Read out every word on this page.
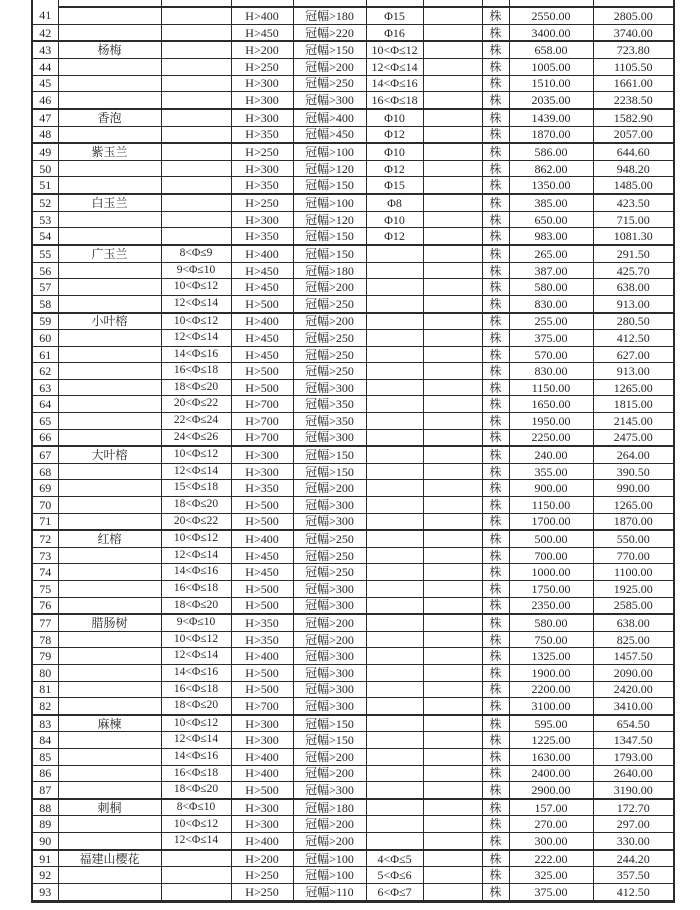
41			H>400	冠幅>180	Φ15		株	2550.00	2805.00
42			H>450	冠幅>220	Φ16		株	3400.00	3740.00
43	杨梅		H>200	冠幅>150	10<Φ≤12		株	658.00	723.80
44			H>250	冠幅>200	12<Φ≤14		株	1005.00	1105.50
45			H>300	冠幅>250	14<Φ≤16		株	1510.00	1661.00
46			H>300	冠幅>300	16<Φ≤18		株	2035.00	2238.50
47	香泡		H>300	冠幅>400	Φ10		株	1439.00	1582.90
48			H>350	冠幅>450	Φ12		株	1870.00	2057.00
49	紫玉兰		H>250	冠幅>100	Φ10		株	586.00	644.60
50			H>300	冠幅>120	Φ12		株	862.00	948.20
51			H>350	冠幅>150	Φ15		株	1350.00	1485.00
52	白玉兰		H>250	冠幅>100	Φ8		株	385.00	423.50
53			H>300	冠幅>120	Φ10		株	650.00	715.00
54			H>350	冠幅>150	Φ12		株	983.00	1081.30
55	广玉兰	8<Φ≤9	H>400	冠幅>150			株	265.00	291.50
56		9<Φ≤10	H>450	冠幅>180			株	387.00	425.70
57		10<Φ≤12	H>450	冠幅>200			株	580.00	638.00
58		12<Φ≤14	H>500	冠幅>250			株	830.00	913.00
59	小叶榕	10<Φ≤12	H>400	冠幅>200			株	255.00	280.50
60		12<Φ≤14	H>450	冠幅>250			株	375.00	412.50
61		14<Φ≤16	H>450	冠幅>250			株	570.00	627.00
62		16<Φ≤18	H>500	冠幅>250			株	830.00	913.00
63		18<Φ≤20	H>500	冠幅>300			株	1150.00	1265.00
64		20<Φ≤22	H>700	冠幅>350			株	1650.00	1815.00
65		22<Φ≤24	H>700	冠幅>350			株	1950.00	2145.00
66		24<Φ≤26	H>700	冠幅>300			株	2250.00	2475.00
67	大叶榕	10<Φ≤12	H>300	冠幅>150			株	240.00	264.00
68		12<Φ≤14	H>300	冠幅>150			株	355.00	390.50
69		15<Φ≤18	H>350	冠幅>200			株	900.00	990.00
70		18<Φ≤20	H>500	冠幅>300			株	1150.00	1265.00
71		20<Φ≤22	H>500	冠幅>300			株	1700.00	1870.00
72	红榕	10<Φ≤12	H>400	冠幅>250			株	500.00	550.00
73		12<Φ≤14	H>450	冠幅>250			株	700.00	770.00
74		14<Φ≤16	H>450	冠幅>250			株	1000.00	1100.00
75		16<Φ≤18	H>500	冠幅>300			株	1750.00	1925.00
76		18<Φ≤20	H>500	冠幅>300			株	2350.00	2585.00
77	腊肠树	9<Φ≤10	H>350	冠幅>200			株	580.00	638.00
78		10<Φ≤12	H>350	冠幅>200			株	750.00	825.00
79		12<Φ≤14	H>400	冠幅>300			株	1325.00	1457.50
80		14<Φ≤16	H>500	冠幅>300			株	1900.00	2090.00
81		16<Φ≤18	H>500	冠幅>300			株	2200.00	2420.00
82		18<Φ≤20	H>700	冠幅>300			株	3100.00	3410.00
83	麻楝	10<Φ≤12	H>300	冠幅>150			株	595.00	654.50
84		12<Φ≤14	H>300	冠幅>150			株	1225.00	1347.50
85		14<Φ≤16	H>400	冠幅>200			株	1630.00	1793.00
86		16<Φ≤18	H>400	冠幅>200			株	2400.00	2640.00
87		18<Φ≤20	H>500	冠幅>300			株	2900.00	3190.00
88	刺桐	8<Φ≤10	H>300	冠幅>180			株	157.00	172.70
89		10<Φ≤12	H>300	冠幅>200			株	270.00	297.00
90		12<Φ≤14	H>400	冠幅>200			株	300.00	330.00
91	福建山樱花		H>200	冠幅>100	4<Φ≤5		株	222.00	244.20
92			H>250	冠幅>100	5<Φ≤6		株	325.00	357.50
93			H>250	冠幅>110	6<Φ≤7		株	375.00	412.50
